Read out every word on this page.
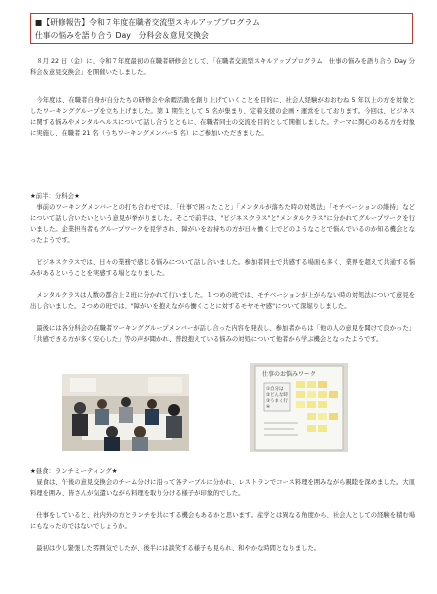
■【研修報告】令和７年度在職者交流型スキルアッププログラム
仕事の悩みを語り合う Day　分科会＆意見交換会

　８月 22 日（金）に、令和７年度最初の在職者研修会として、「在職者交流型スキルアッププログラム　仕事の悩みを語り合う Day 分科会＆意見交換会」を開催いたしました。

　今年度は、在職者自身が自分たちの研修会や余暇活動を創り上げていくことを目的に、社会人経験がおおむね 5 年以上の方を対象としたワーキンググループを立ち上げました。第 1 期生として 5 名が集まり、定着支援の企画・運営をしております。今回は、ビジネスに関する悩みやメンタルヘルスについて話し合うとともに、在職者同士の交流を目的として開催しました。テーマに関心のある方を対象に実施し、在職者 21 名（うちワーキングメンバー5 名）にご参加いただきました。

★前半：分科会★

　事前のワーキングメンバーとの打ち合わせでは、「仕事で困ったこと」「メンタルが落ちた時の対処法」「モチベーションの維持」などについて話し合いたいという意見が挙がりました。そこで前半は、"ビジネスクラス"と"メンタルクラス"に分かれてグループワークを行いました。企業担当者もグループワークを見学され、障がいをお持ちの方が日々働く上でどのようなことで悩んでいるのか知る機会となったようです。

　ビジネスクラスでは、日々の業務で感じる悩みについて話し合いました。参加者同士で共感する場面も多く、業界を超えて共通する悩みがあるということを実感する場となりました。

　メンタルクラスは人数の都合上２班に分かれて行いました。１つめの班では、モチベーションが上がらない時の対処法について意見を出し合いました。２つめの班では、"障がいを抱えながら働くことに対するモヤモヤ感"について深堀りしました。

　最後には各分科会の在職者ワーキンググループメンバーが話し合った内容を発表し、参加者からは「他の人の意見を聞けて良かった」「共感できる方が多く安心した」等の声が聞かれ、普段抱えている悩みの対処について他者から学ぶ機会となったようです。

仕事のお悩みワーク
①自分は
②どんな時
③うまく行
④

★昼食：ランチミーティング★

　昼食は、午後の意見交換会のチーム分けに沿って各テーブルに分かれ、レストランでコース料理を囲みながら親睦を深めました。大皿料理を囲み、皆さんが気遣いながら料理を取り分ける様子が印象的でした。

　仕事をしていると、社内外の方とランチを共にする機会もあるかと思います。産学とは異なる角度から、社会人としての経験を積む場にもなったのではないでしょうか。

　最初は少し緊張した雰囲気でしたが、後半には談笑する様子も見られ、和やかな時間となりました。
